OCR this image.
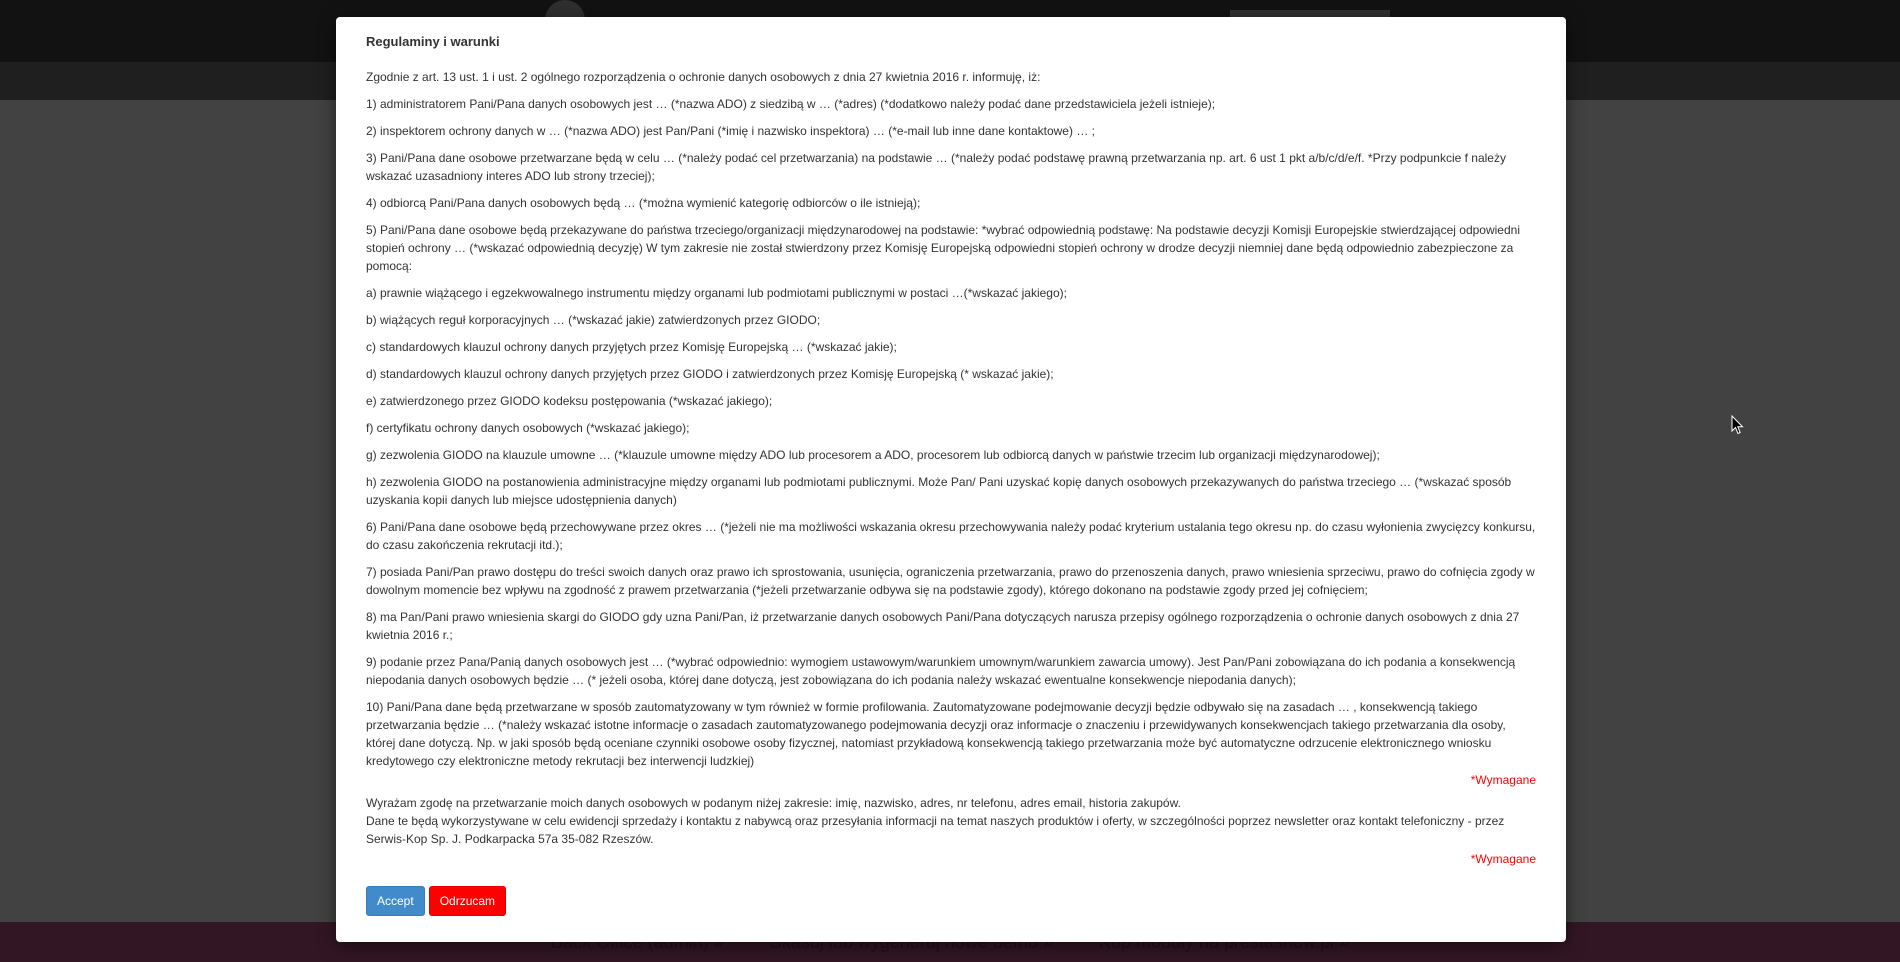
Regulaminy i warunki
Zgodnie z art. 13 ust. 1 i ust. 2 ogólnego rozporządzenia o ochronie danych osobowych z dnia 27 kwietnia 2016 r. informuję, iż:
1) administratorem Pani/Pana danych osobowych jest … (*nazwa ADO) z siedzibą w … (*adres) (*dodatkowo należy podać dane przedstawiciela jeżeli istnieje);
2) inspektorem ochrony danych w … (*nazwa ADO) jest Pan/Pani (*imię i nazwisko inspektora) … (*e-mail lub inne dane kontaktowe) … ;
3) Pani/Pana dane osobowe przetwarzane będą w celu … (*należy podać cel przetwarzania) na podstawie … (*należy podać podstawę prawną przetwarzania np. art. 6 ust 1 pkt a/b/c/d/e/f. *Przy podpunkcie f należy wskazać uzasadniony interes ADO lub strony trzeciej);
4) odbiorcą Pani/Pana danych osobowych będą … (*można wymienić kategorię odbiorców o ile istnieją);
5) Pani/Pana dane osobowe będą przekazywane do państwa trzeciego/organizacji międzynarodowej na podstawie: *wybrać odpowiednią podstawę: Na podstawie decyzji Komisji Europejskie stwierdzającej odpowiedni stopień ochrony … (*wskazać odpowiednią decyzję) W tym zakresie nie został stwierdzony przez Komisję Europejską odpowiedni stopień ochrony w drodze decyzji niemniej dane będą odpowiednio zabezpieczone za pomocą:
a) prawnie wiążącego i egzekwowalnego instrumentu między organami lub podmiotami publicznymi w postaci …(*wskazać jakiego);
b) wiążących reguł korporacyjnych … (*wskazać jakie) zatwierdzonych przez GIODO;
c) standardowych klauzul ochrony danych przyjętych przez Komisję Europejską … (*wskazać jakie);
d) standardowych klauzul ochrony danych przyjętych przez GIODO i zatwierdzonych przez Komisję Europejską (* wskazać jakie);
e) zatwierdzonego przez GIODO kodeksu postępowania (*wskazać jakiego);
f) certyfikatu ochrony danych osobowych (*wskazać jakiego);
g) zezwolenia GIODO na klauzule umowne … (*klauzule umowne między ADO lub procesorem a ADO, procesorem lub odbiorcą danych w państwie trzecim lub organizacji międzynarodowej);
h) zezwolenia GIODO na postanowienia administracyjne między organami lub podmiotami publicznymi. Może Pan/ Pani uzyskać kopię danych osobowych przekazywanych do państwa trzeciego … (*wskazać sposób uzyskania kopii danych lub miejsce udostępnienia danych)
6) Pani/Pana dane osobowe będą przechowywane przez okres … (*jeżeli nie ma możliwości wskazania okresu przechowywania należy podać kryterium ustalania tego okresu np. do czasu wyłonienia zwycięzcy konkursu, do czasu zakończenia rekrutacji itd.);
7) posiada Pani/Pan prawo dostępu do treści swoich danych oraz prawo ich sprostowania, usunięcia, ograniczenia przetwarzania, prawo do przenoszenia danych, prawo wniesienia sprzeciwu, prawo do cofnięcia zgody w dowolnym momencie bez wpływu na zgodność z prawem przetwarzania (*jeżeli przetwarzanie odbywa się na podstawie zgody), którego dokonano na podstawie zgody przed jej cofnięciem;
8) ma Pan/Pani prawo wniesienia skargi do GIODO gdy uzna Pani/Pan, iż przetwarzanie danych osobowych Pani/Pana dotyczących narusza przepisy ogólnego rozporządzenia o ochronie danych osobowych z dnia 27 kwietnia 2016 r.;
9) podanie przez Pana/Panią danych osobowych jest … (*wybrać odpowiednio: wymogiem ustawowym/warunkiem umownym/warunkiem zawarcia umowy). Jest Pan/Pani zobowiązana do ich podania a konsekwencją niepodania danych osobowych będzie … (* jeżeli osoba, której dane dotyczą, jest zobowiązana do ich podania należy wskazać ewentualne konsekwencje niepodania danych);
10) Pani/Pana dane będą przetwarzane w sposób zautomatyzowany w tym również w formie profilowania. Zautomatyzowane podejmowanie decyzji będzie odbywało się na zasadach … , konsekwencją takiego przetwarzania będzie … (*należy wskazać istotne informacje o zasadach zautomatyzowanego podejmowania decyzji oraz informacje o znaczeniu i przewidywanych konsekwencjach takiego przetwarzania dla osoby, której dane dotyczą. Np. w jaki sposób będą oceniane czynniki osobowe osoby fizycznej, natomiast przykładową konsekwencją takiego przetwarzania może być automatyczne odrzucenie elektronicznego wniosku kredytowego czy elektroniczne metody rekrutacji bez interwencji ludzkiej)
*Wymagane
Wyrażam zgodę na przetwarzanie moich danych osobowych w podanym niżej zakresie: imię, nazwisko, adres, nr telefonu, adres email, historia zakupów.
Dane te będą wykorzystywane w celu ewidencji sprzedaży i kontaktu z nabywcą oraz przesyłania informacji na temat naszych produktów i oferty, w szczególności poprzez newsletter oraz kontakt telefoniczny - przez Serwis-Kop Sp. J. Podkarpacka 57a 35-082 Rzeszów.
*Wymagane
Accept	Odrzucam
